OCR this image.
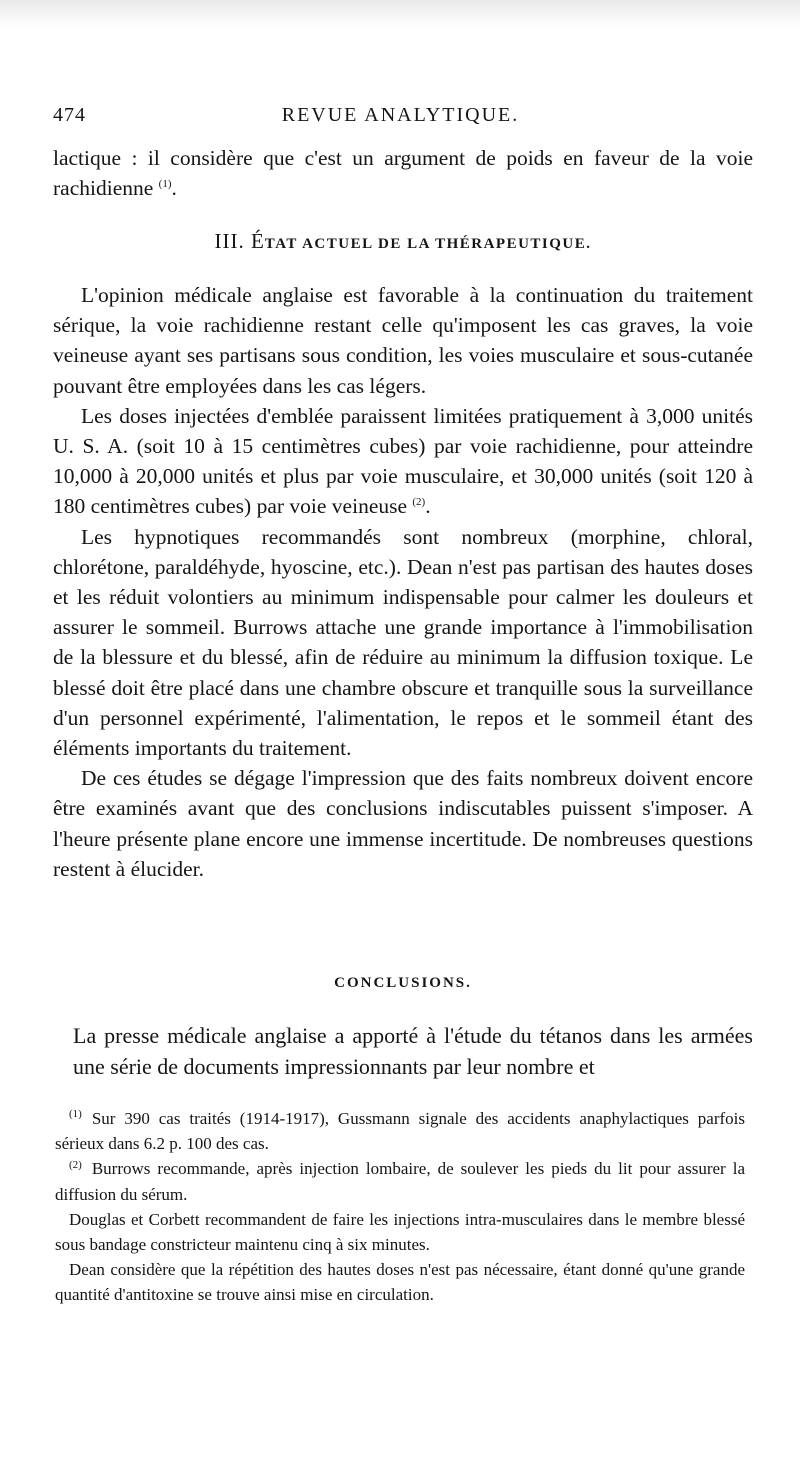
474	REVUE ANALYTIQUE.

lactique : il considère que c'est un argument de poids en faveur de la voie rachidienne $^{(1)}$.

III. ÉTAT ACTUEL DE LA THÉRAPEUTIQUE.

L'opinion médicale anglaise est favorable à la continuation du traitement sérique, la voie rachidienne restant celle qu'imposent les cas graves, la voie veineuse ayant ses partisans sous condition, les voies musculaire et sous-cutanée pouvant être employées dans les cas légers.

Les doses injectées d'emblée paraissent limitées pratiquement à 3,000 unités U. S. A. (soit 10 à 15 centimètres cubes) par voie rachidienne, pour atteindre 10,000 à 20,000 unités et plus par voie musculaire, et 30,000 unités (soit 120 à 180 centimètres cubes) par voie veineuse $^{(2)}$.

Les hypnotiques recommandés sont nombreux (morphine, chloral, chlorétone, paraldéhyde, hyoscine, etc.). Dean n'est pas partisan des hautes doses et les réduit volontiers au minimum indispensable pour calmer les douleurs et assurer le sommeil. Burrows attache une grande importance à l'immobilisation de la blessure et du blessé, afin de réduire au minimum la diffusion toxique. Le blessé doit être placé dans une chambre obscure et tranquille sous la surveillance d'un personnel expérimenté, l'alimentation, le repos et le sommeil étant des éléments importants du traitement.

De ces études se dégage l'impression que des faits nombreux doivent encore être examinés avant que des conclusions indiscutables puissent s'imposer. A l'heure présente plane encore une immense incertitude. De nombreuses questions restent à élucider.

CONCLUSIONS.
La presse médicale anglaise a apporté à l'étude du tétanos dans les armées une série de documents impressionnants par leur nombre et

$^{(1)}$ Sur 390 cas traités (1914-1917), Gussmann signale des accidents anaphylactiques parfois sérieux dans 6.2 p. 100 des cas.

$^{(2)}$ Burrows recommande, après injection lombaire, de soulever les pieds du lit pour assurer la diffusion du sérum.

Douglas et Corbett recommandent de faire les injections intra-musculaires dans le membre blessé sous bandage constricteur maintenu cinq à six minutes.

Dean considère que la répétition des hautes doses n'est pas nécessaire, étant donné qu'une grande quantité d'antitoxine se trouve ainsi mise en circulation.
